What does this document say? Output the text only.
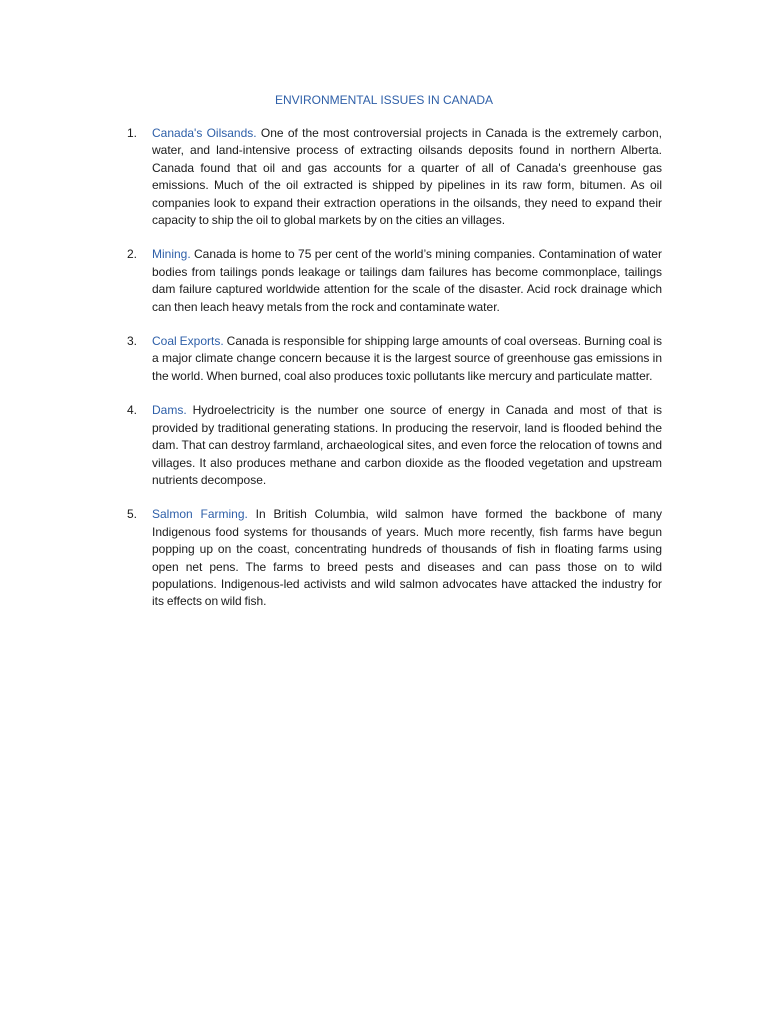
ENVIRONMENTAL ISSUES IN CANADA
1. Canada's Oilsands. One of the most controversial projects in Canada is the extremely carbon, water, and land-intensive process of extracting oilsands deposits found in northern Alberta. Canada found that oil and gas accounts for a quarter of all of Canada's greenhouse gas emissions. Much of the oil extracted is shipped by pipelines in its raw form, bitumen. As oil companies look to expand their extraction operations in the oilsands, they need to expand their capacity to ship the oil to global markets by on the cities an villages.
2. Mining. Canada is home to 75 per cent of the world’s mining companies. Contamination of water bodies from tailings ponds leakage or tailings dam failures has become commonplace, tailings dam failure captured worldwide attention for the scale of the disaster. Acid rock drainage which can then leach heavy metals from the rock and contaminate water.
3. Coal Exports. Canada is responsible for shipping large amounts of coal overseas. Burning coal is a major climate change concern because it is the largest source of greenhouse gas emissions in the world. When burned, coal also produces toxic pollutants like mercury and particulate matter.
4. Dams. Hydroelectricity is the number one source of energy in Canada and most of that is provided by traditional generating stations. In producing the reservoir, land is flooded behind the dam. That can destroy farmland, archaeological sites, and even force the relocation of towns and villages. It also produces methane and carbon dioxide as the flooded vegetation and upstream nutrients decompose.
5. Salmon Farming. In British Columbia, wild salmon have formed the backbone of many Indigenous food systems for thousands of years. Much more recently, fish farms have begun popping up on the coast, concentrating hundreds of thousands of fish in floating farms using open net pens. The farms to breed pests and diseases and can pass those on to wild populations. Indigenous-led activists and wild salmon advocates have attacked the industry for its effects on wild fish.
